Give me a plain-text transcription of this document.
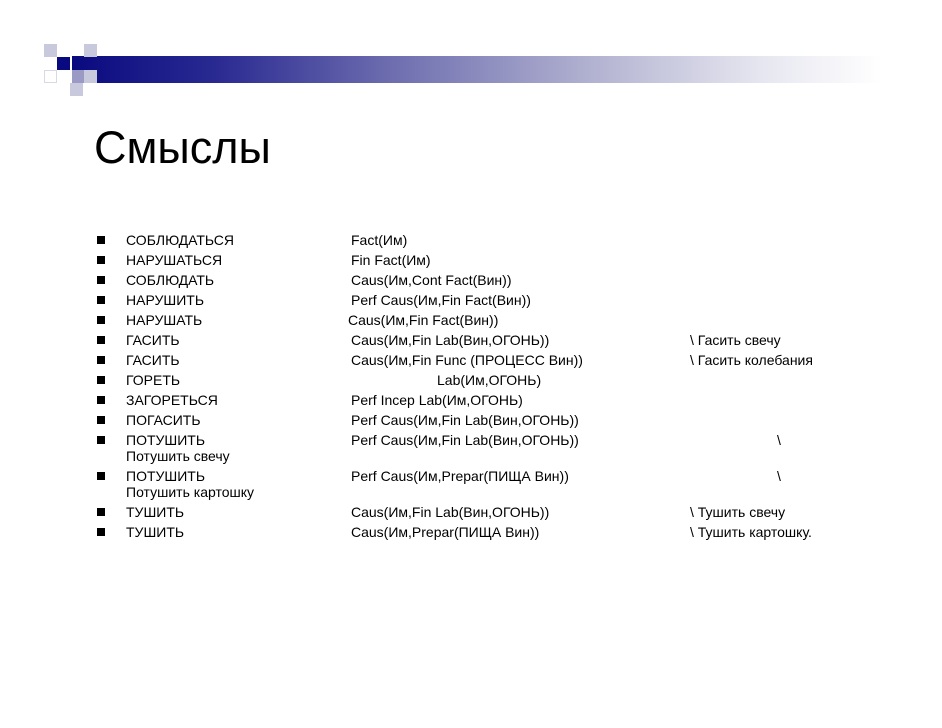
Смыслы
СОБЛЮДАТЬСЯ	Fact(Им)
НАРУШАТЬСЯ	Fin Fact(Им)
СОБЛЮДАТЬ	Caus(Им,Cont Fact(Вин))
НАРУШИТЬ	Perf Caus(Им,Fin Fact(Вин))
НАРУШАТЬ	Caus(Им,Fin Fact(Вин))
ГАСИТЬ	Caus(Им,Fin Lab(Вин,ОГОНЬ))	\ Гасить свечу
ГАСИТЬ	Caus(Им,Fin Func (ПРОЦЕСС Вин))	\ Гасить колебания
ГОРЕТЬ	Lab(Им,ОГОНЬ)
ЗАГОРЕТЬСЯ	Perf Incep Lab(Им,ОГОНЬ)
ПОГАСИТЬ	Perf Caus(Им,Fin Lab(Вин,ОГОНЬ))
ПОТУШИТЬ	Perf Caus(Им,Fin Lab(Вин,ОГОНЬ))	\
Потушить свечу
ПОТУШИТЬ	Perf Caus(Им,Prepar(ПИЩА Вин))	\
Потушить картошку
ТУШИТЬ	Caus(Им,Fin Lab(Вин,ОГОНЬ))	\ Тушить свечу
ТУШИТЬ	Caus(Им,Prepar(ПИЩА Вин))	\ Тушить картошку.
